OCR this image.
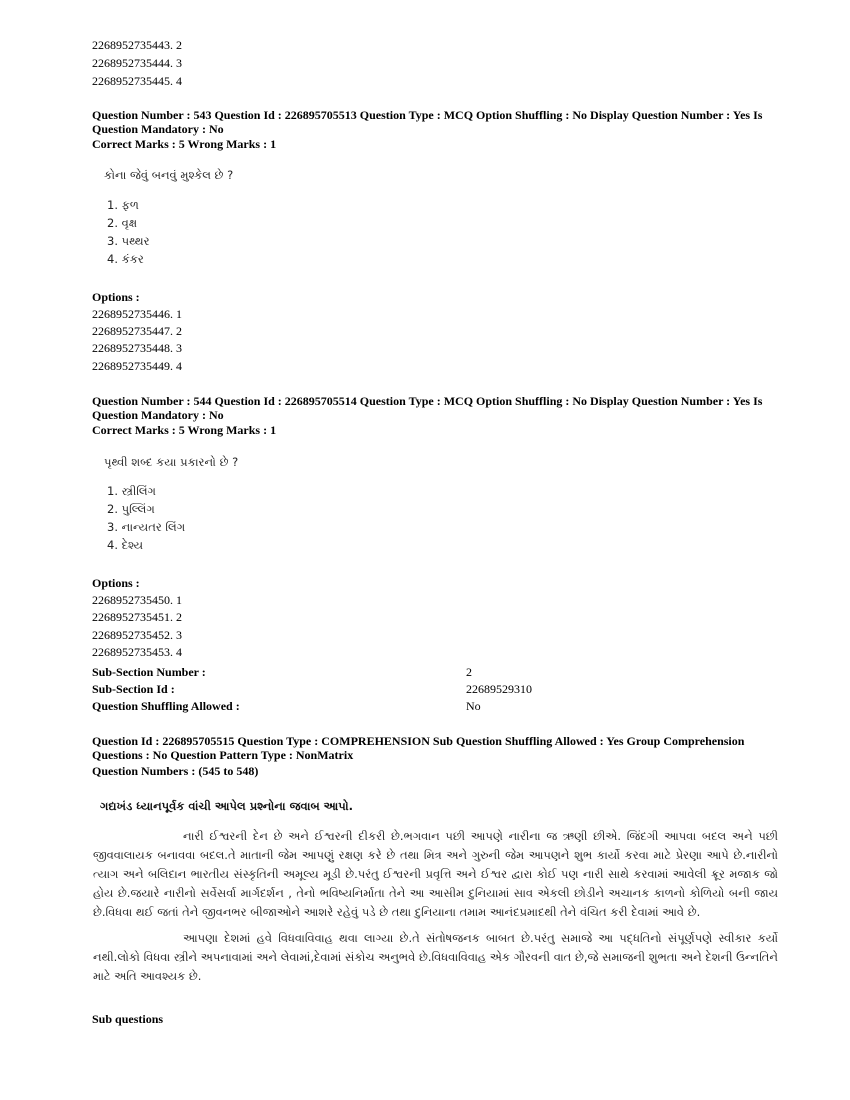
2268952735443. 2
2268952735444. 3
2268952735445. 4
Question Number : 543 Question Id : 226895705513 Question Type : MCQ Option Shuffling : No Display Question Number : Yes Is Question Mandatory : No
Correct Marks : 5 Wrong Marks : 1
કોના જેવું બનવું મુશ્કેલ છે ?
1. ફળ
2. વૃક્ષ
3. પથ્થર
4. કંકર
Options :
2268952735446. 1
2268952735447. 2
2268952735448. 3
2268952735449. 4
Question Number : 544 Question Id : 226895705514 Question Type : MCQ Option Shuffling : No Display Question Number : Yes Is Question Mandatory : No
Correct Marks : 5 Wrong Marks : 1
પૃથ્વી શબ્દ કયા પ્રકારનો છે ?
1. સ્ત્રીલિંગ
2. પુલ્લિંગ
3. નાન્યતર લિંગ
4. દેશ્ય
Options :
2268952735450. 1
2268952735451. 2
2268952735452. 3
2268952735453. 4
Sub-Section Number :	2
Sub-Section Id :	22689529310
Question Shuffling Allowed :	No
Question Id : 226895705515 Question Type : COMPREHENSION Sub Question Shuffling Allowed : Yes Group Comprehension Questions : No Question Pattern Type : NonMatrix
Question Numbers : (545 to 548)
ગદ્યખંડ ધ્યાનપૂર્વક વાંચી આપેલ પ્રશ્નોના જવાબ આપો.
નારી ઈશ્વરની દેન છે અને ઈશ્વરની દીકરી છે.ભગવાન પછી આપણે નારીના જ ઋણી છીએ. જિંદગી આપવા બદલ અને પછી જીવવાલાયક બનાવવા બદલ.તે માતાની જેમ આપણું રક્ષણ કરે છે તથા મિત્ર અને ગુરુની જેમ આપણને શુભ કાર્યો કરવા માટે પ્રેરણા આપે છે.નારીનો ત્યાગ અને બલિદાન ભારતીય સંસ્કૃતિની અમૂલ્ય મૂડી છે.પરંતુ ઈશ્વરની પ્રવૃત્તિ અને ઈશ્વર દ્વારા કોઈ પણ નારી સાથે કરવામાં આવેલી ક્રૂર મજાક જો હોય છે.જયારે નારીનો સર્વેસર્વા માર્ગદર્શન , તેનો ભવિષ્યનિર્માતા તેને આ આસીમ દુનિયામાં સાવ એકલી છોડીને અચાનક કાળનો કોળિયો બની જાય છે.વિધવા થઈ જતાં તેને જીવનભર બીજાઓને આશરે રહેવું પડે છે તથા દુનિયાના તમામ આનંદપ્રમાદથી તેને વંચિત કરી દેવામાં આવે છે.
આપણા દેશમાં હવે વિધવાવિવાહ થવા લાગ્યા છે.તે સંતોષજનક બાબત છે.પરંતુ સમાજે આ પદ્ધતિનો સંપૂર્ણપણે સ્વીકાર કર્યો નથી.લોકો વિધવા સ્ત્રીને અપનાવામાં અને લેવામાં,દેવામાં સંકોચ અનુભવે છે.વિધવાવિવાહ એક ગૌરવની વાત છે,જે સમાજની શુભતા અને દેશની ઉન્નતિને માટે અતિ આવશ્યક છે.
Sub questions
